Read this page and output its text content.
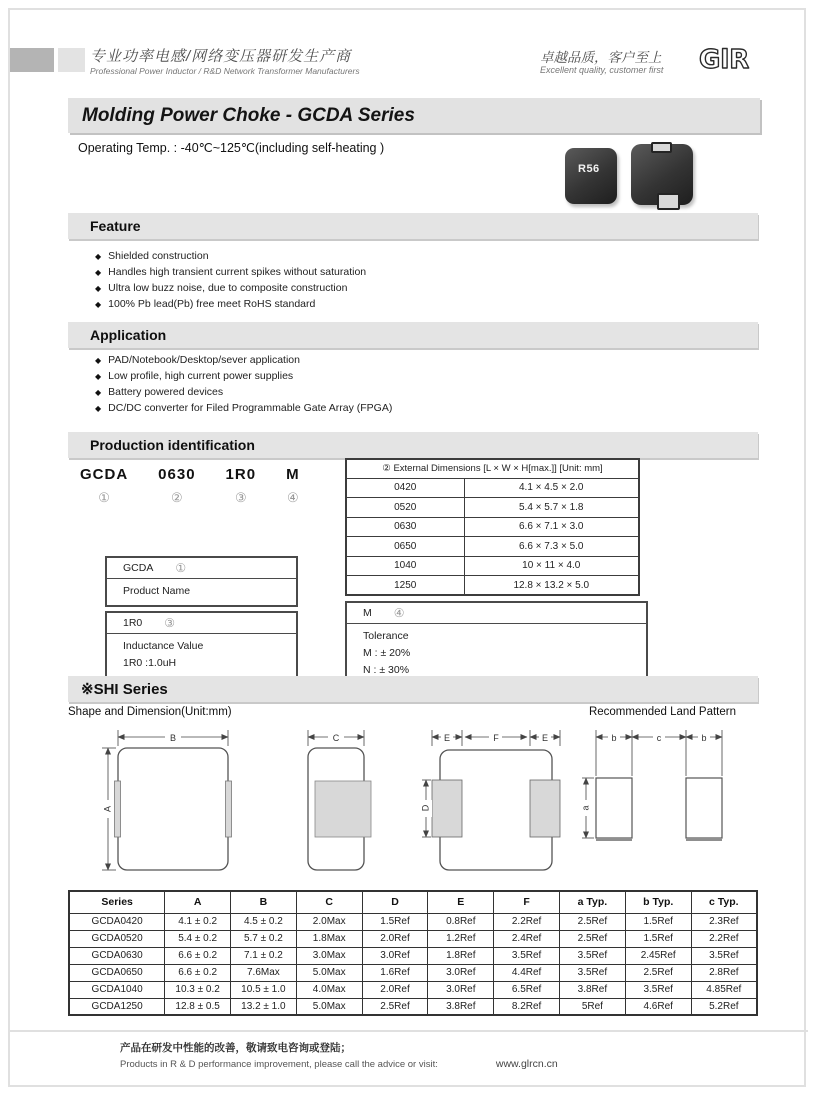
专业功率电感/网络变压器研发生产商
Professional Power Inductor / R&D Network Transformer Manufacturers
卓越品质，客户至上
Excellent quality, customer first GlR
Molding Power Choke - GCDA Series
Operating Temp. : -40℃~125℃(including self-heating )
R56
Feature
◆ Shielded construction
◆ Handles high transient current spikes without saturation
◆ Ultra low buzz noise, due to composite construction
◆ 100% Pb lead(Pb) free meet RoHS standard
Application
◆ PAD/Notebook/Desktop/sever application
◆ Low profile, high current power supplies
◆ Battery powered devices
◆ DC/DC converter for Filed Programmable Gate Array (FPGA)
Production identification
GCDA
①
0630
②
1R0
③
M
④
② External Dimensions [L × W × H[max.]] [Unit: mm]	
0420	4.1 × 4.5 × 2.0
0520	5.4 × 5.7 × 1.8
0630	6.6 × 7.1 × 3.0
0650	6.6 × 7.3 × 5.0
1040	10 × 11 × 4.0
1250	12.8 × 13.2 × 5.0
GCDA ①
Product Name
1R0 ③
Inductance Value
1R0 :1.0uH
M ④
Tolerance
M : ± 20%
N : ± 30%
※SHI Series
Shape and Dimension(Unit:mm)	Recommended Land Pattern
B
A
C	E	F	E
D
b	c	b
a
Series	A	B	C	D	E	F	a Typ.	b Typ.	c Typ.
GCDA0420	4.1 ± 0.2	4.5 ± 0.2	2.0Max	1.5Ref	0.8Ref	2.2Ref	2.5Ref	1.5Ref	2.3Ref
GCDA0520	5.4 ± 0.2	5.7 ± 0.2	1.8Max	2.0Ref	1.2Ref	2.4Ref	2.5Ref	1.5Ref	2.2Ref
GCDA0630	6.6 ± 0.2	7.1 ± 0.2	3.0Max	3.0Ref	1.8Ref	3.5Ref	3.5Ref	2.45Ref	3.5Ref
GCDA0650	6.6 ± 0.2	7.6Max	5.0Max	1.6Ref	3.0Ref	4.4Ref	3.5Ref	2.5Ref	2.8Ref
GCDA1040	10.3 ± 0.2	10.5 ± 1.0	4.0Max	2.0Ref	3.0Ref	6.5Ref	3.8Ref	3.5Ref	4.85Ref
GCDA1250	12.8 ± 0.5	13.2 ± 1.0	5.0Max	2.5Ref	3.8Ref	8.2Ref	5Ref	4.6Ref	5.2Ref
产品在研发中性能的改善，敬请致电咨询或登陆；
Products in R & D performance improvement, please call the advice or visit:	www.glrcn.cn
